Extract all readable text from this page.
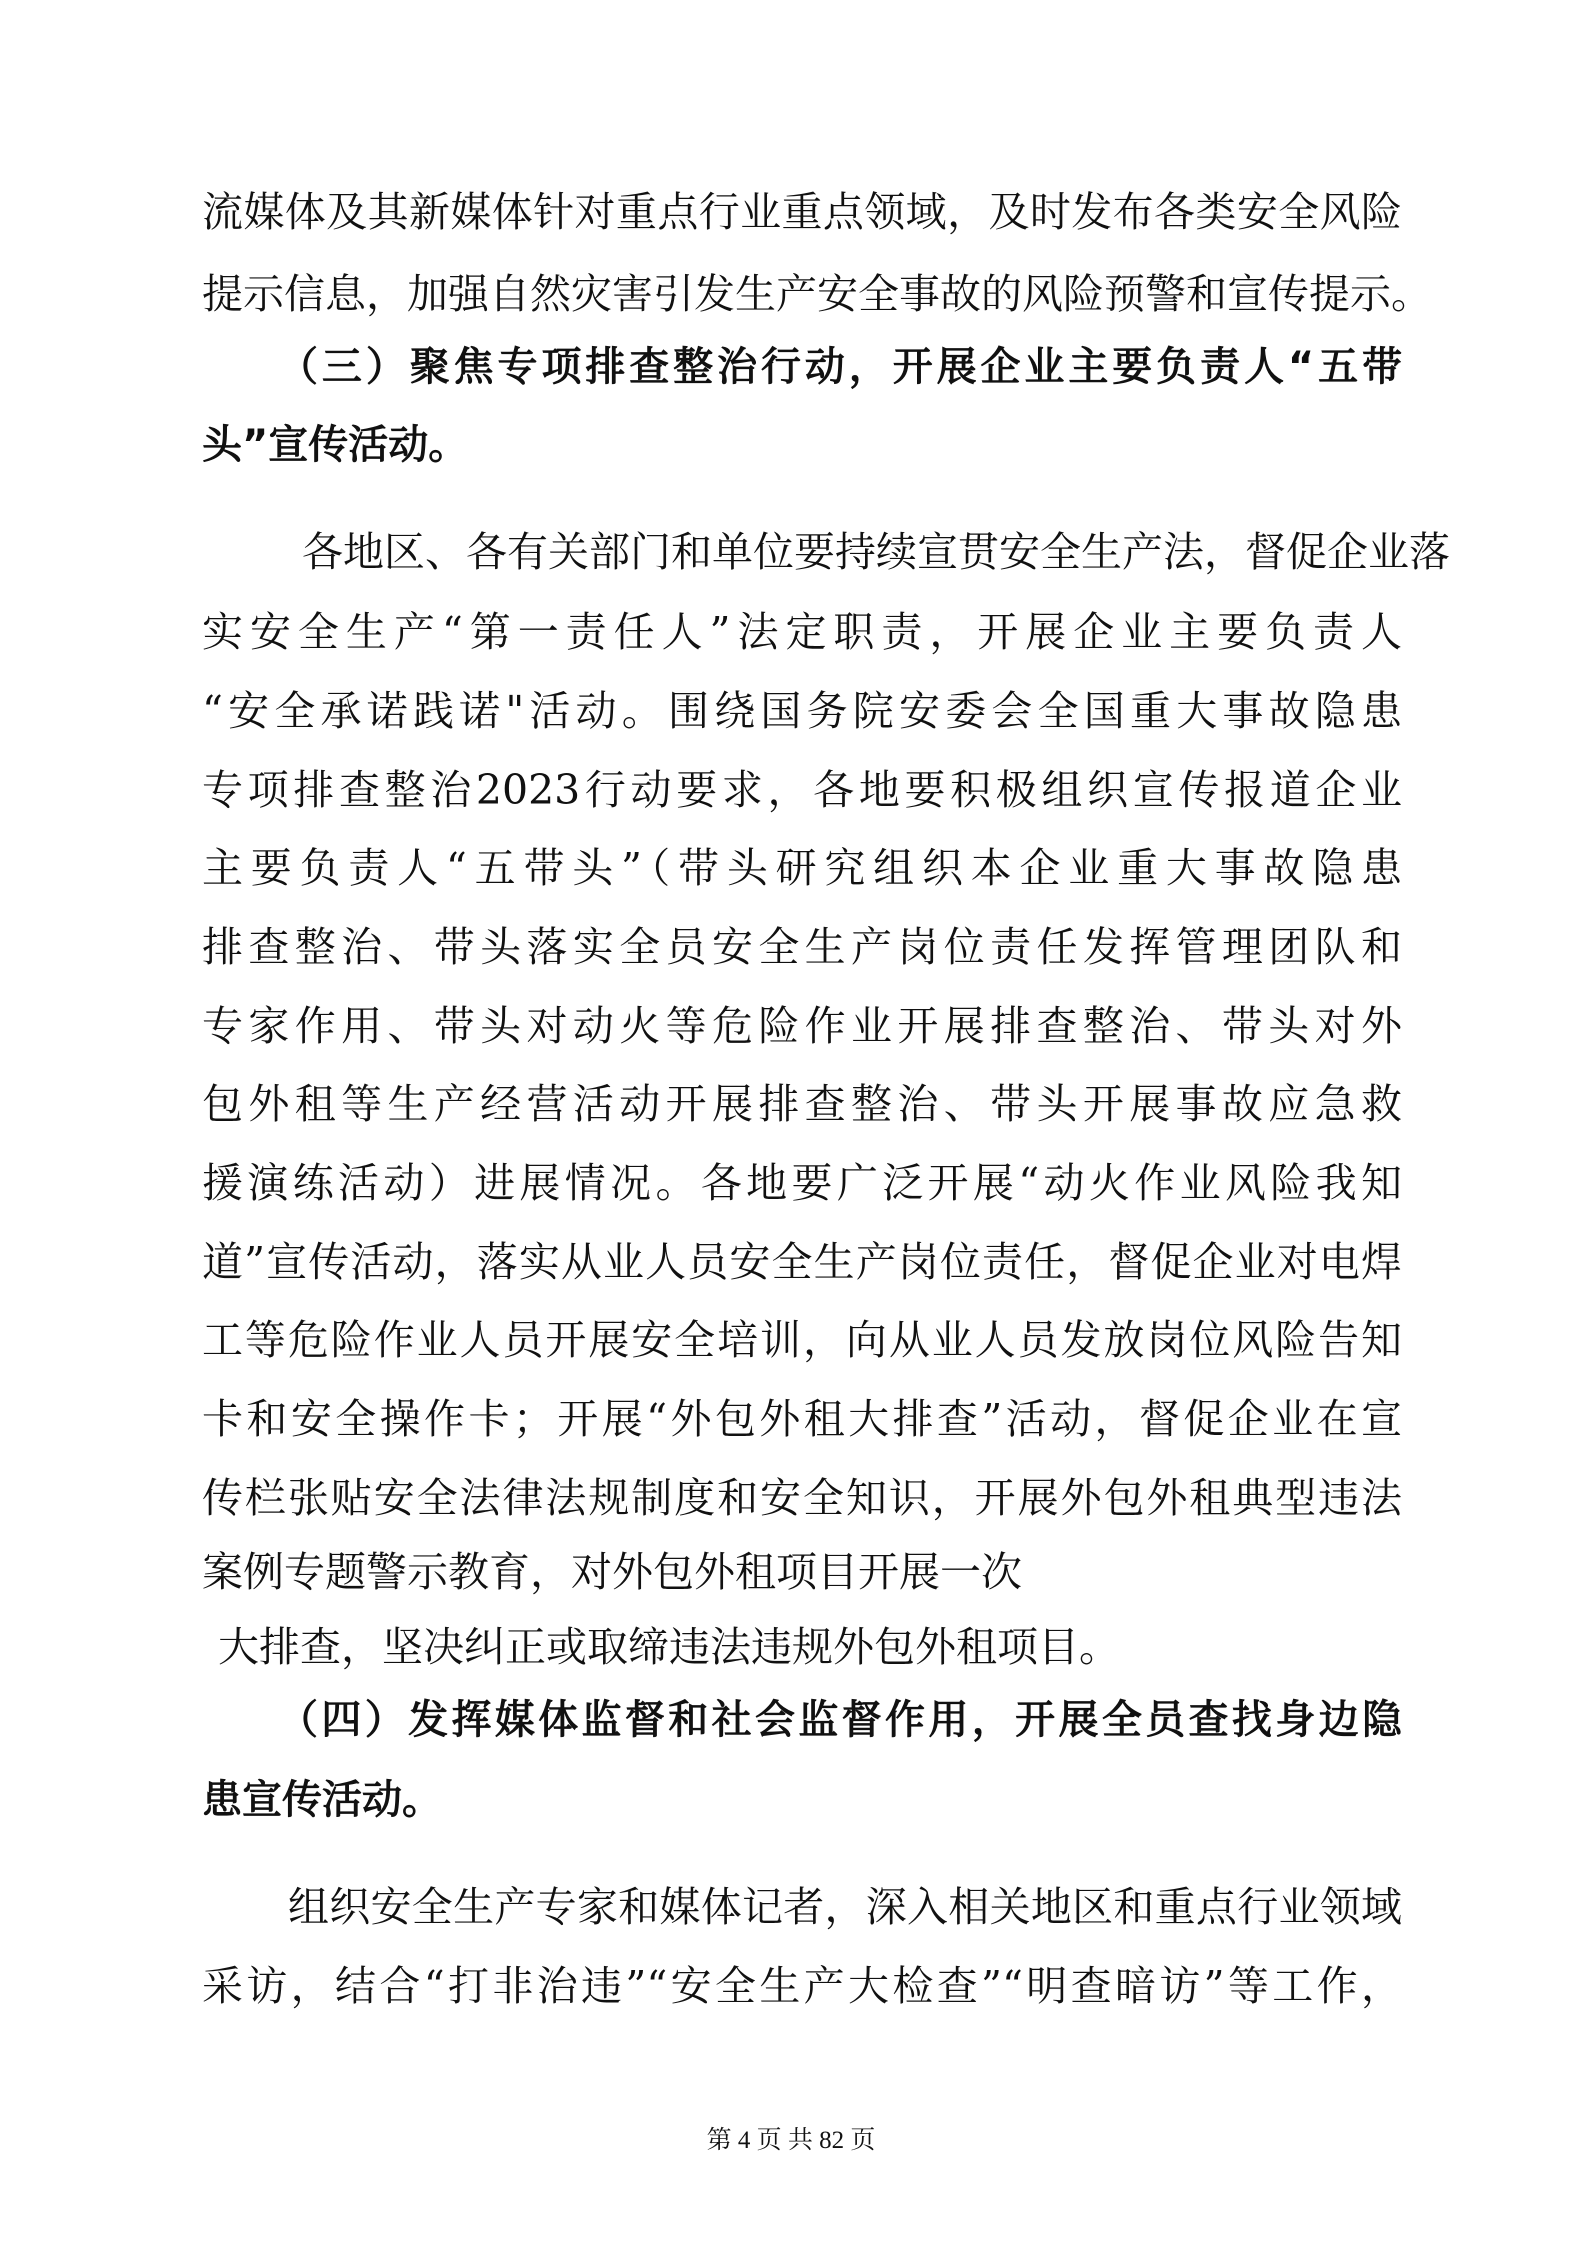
流媒体及其新媒体针对重点行业重点领域，及时发布各类安全风险
提示信息，加强自然灾害引发生产安全事故的风险预警和宣传提示。
（三）聚焦专项排查整治行动，开展企业主要负责人“五带
头”宣传活动。
各地区、各有关部门和单位要持续宣贯安全生产法，督促企业落
实安全生产“第一责任人”法定职责，开展企业主要负责人
“安全承诺践诺"活动。围绕国务院安委会全国重大事故隐患
专项排查整治2023行动要求，各地要积极组织宣传报道企业
主要负责人“五带头”（带头研究组织本企业重大事故隐患
排查整治、带头落实全员安全生产岗位责任发挥管理团队和
专家作用、带头对动火等危险作业开展排查整治、带头对外
包外租等生产经营活动开展排查整治、带头开展事故应急救
援演练活动）进展情况。各地要广泛开展“动火作业风险我知
道”宣传活动，落实从业人员安全生产岗位责任，督促企业对电焊
工等危险作业人员开展安全培训，向从业人员发放岗位风险告知
卡和安全操作卡；开展“外包外租大排查”活动，督促企业在宣
传栏张贴安全法律法规制度和安全知识，开展外包外租典型违法
案例专题警示教育，对外包外租项目开展一次
大排查，坚决纠正或取缔违法违规外包外租项目。
（四）发挥媒体监督和社会监督作用，开展全员查找身边隐
患宣传活动。
组织安全生产专家和媒体记者，深入相关地区和重点行业领域
采访，结合“打非治违”“安全生产大检查”“明查暗访”等工作，
第 4 页 共 82 页
